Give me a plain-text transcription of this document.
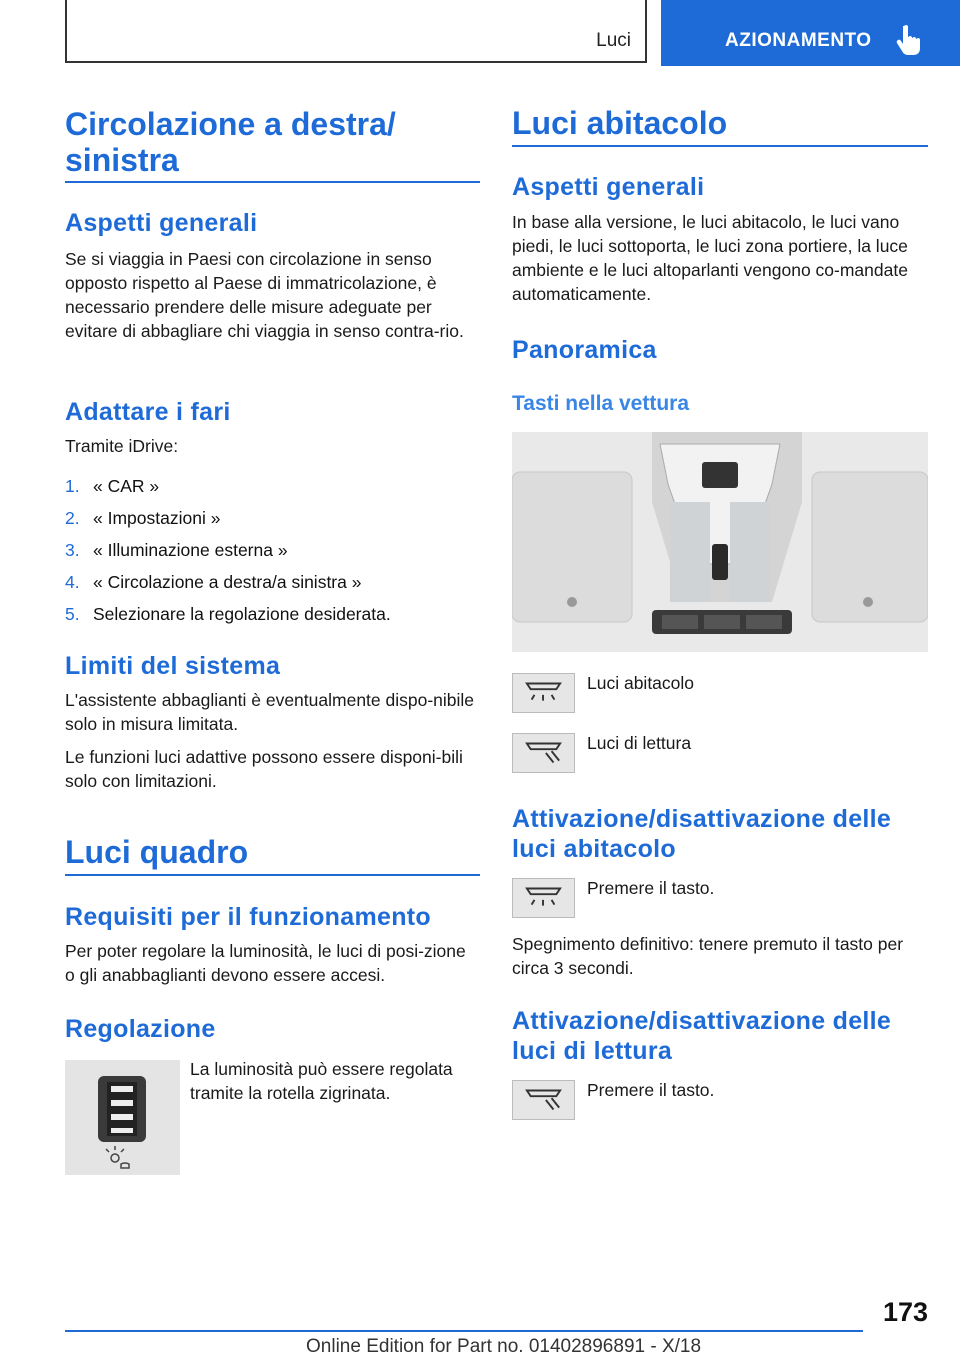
Luci	AZIONAMENTO
Circolazione a destra/
sinistra
Aspetti generali

Se si viaggia in Paesi con circolazione in senso opposto rispetto al Paese di immatricolazione, è necessario prendere delle misure adeguate per evitare di abbagliare chi viaggia in senso contra-rio.

Adattare i fari

Tramite iDrive:

1. « CAR »
2. « Impostazioni »
3. « Illuminazione esterna »
4. « Circolazione a destra/a sinistra »
5. Selezionare la regolazione desiderata.
Limiti del sistema

L'assistente abbaglianti è eventualmente dispo-nibile solo in misura limitata.

Le funzioni luci adattive possono essere disponi-bili solo con limitazioni.

Luci quadro
Requisiti per il funzionamento

Per poter regolare la luminosità, le luci di posi-zione o gli anabbaglianti devono essere accesi.

Regolazione

La luminosità può essere regolata tramite la rotella zigrinata.

Luci abitacolo
Aspetti generali

In base alla versione, le luci abitacolo, le luci vano piedi, le luci sottoporta, le luci zona portiere, la luce ambiente e le luci altoparlanti vengono co-mandate automaticamente.

Panoramica
Tasti nella vettura
Luci abitacolo
Luci di lettura
Attivazione/disattivazione delle luci abitacolo
Premere il tasto.

Spegnimento definitivo: tenere premuto il tasto per circa 3 secondi.

Attivazione/disattivazione delle luci di lettura
Premere il tasto.
173
Online Edition for Part no. 01402896891 - X/18
